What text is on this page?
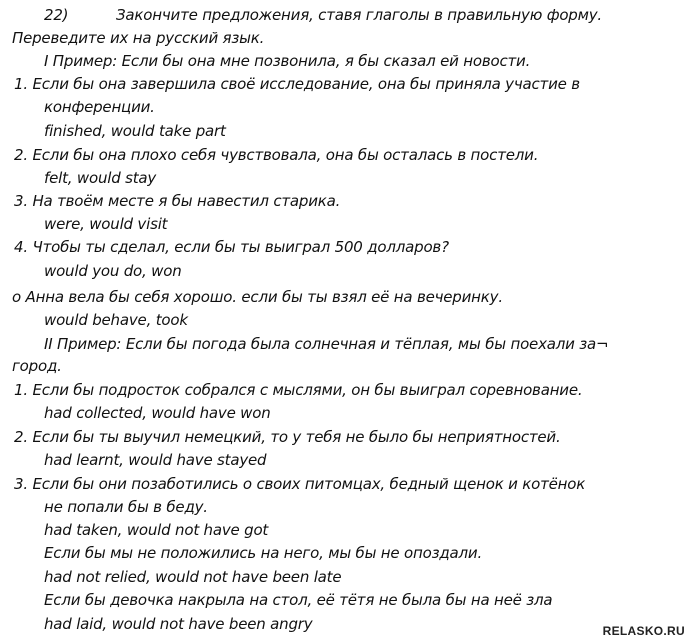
22)	Закончите предложения, ставя глаголы в правильную форму.
Переведите их на русский язык.
I Пример: Если бы она мне позвонила, я бы сказал ей новости.
1. Если бы она завершила своё исследование, она бы приняла участие в
конференции.
finished, would take part
2. Если бы она плохо себя чувствовала, она бы осталась в постели.
felt, would stay
3. На твоём месте я бы навестил старика.
were, would visit
4. Чтобы ты сделал, если бы ты выиграл 500 долларов?
would you do, won
о Анна вела бы себя хорошо. если бы ты взял её на вечеринку.
would behave, took
II Пример: Если бы погода была солнечная и тёплая, мы бы поехали за¬
город.
1. Если бы подросток собрался с мыслями, он бы выиграл соревнование.
had collected, would have won
2. Если бы ты выучил немецкий, то у тебя не было бы неприятностей.
had learnt, would have stayed
3. Если бы они позаботились о своих питомцах, бедный щенок и котёнок
не попали бы в беду.
had taken, would not have got
Если бы мы не положились на него, мы бы не опоздали.
had not relied, would not have been late
Если бы девочка накрыла на стол, её тётя не была бы на неё зла
had laid, would not have been angry	RELASKO.RU
